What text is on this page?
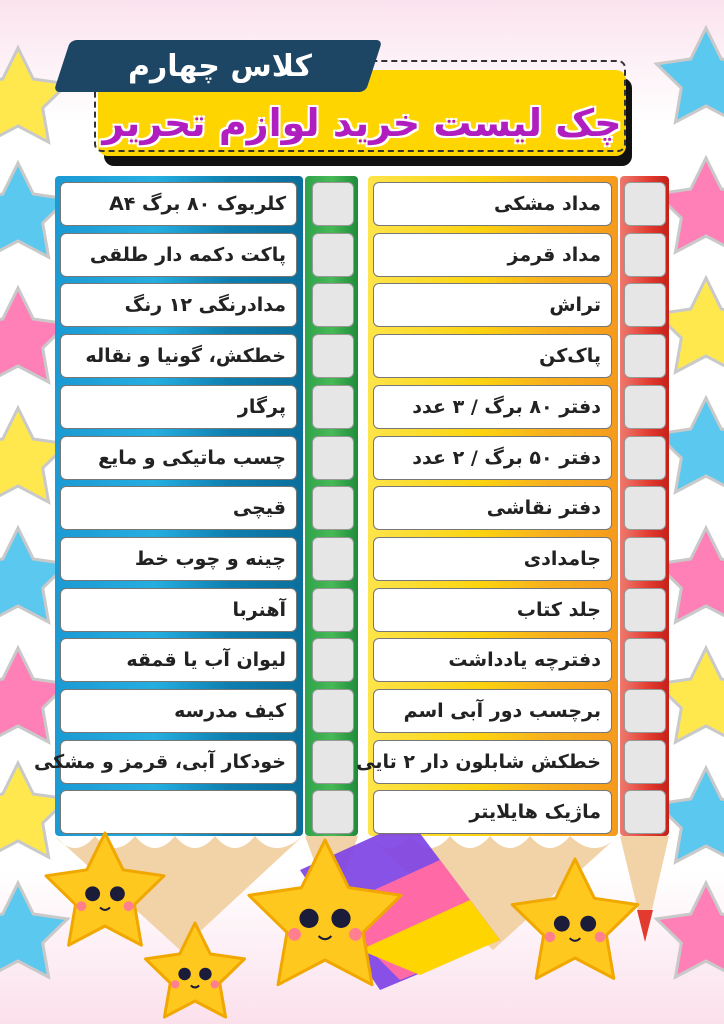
کلاس چهارم
چک لیست خرید لوازم تحریر
کلربوک ۸۰ برگ A۴
پاکت دکمه دار طلقی
مدادرنگی ۱۲ رنگ
خطکش، گونیا و نقاله
پرگار
چسب ماتیکی و مایع
قیچی
چینه و چوب خط
آهنربا
لیوان آب یا قمقه
کیف مدرسه
خودکار آبی، قرمز و مشکی
مداد مشکی
مداد قرمز
تراش
پاک‌کن
دفتر ۸۰ برگ / ۳ عدد
دفتر ۵۰ برگ / ۲ عدد
دفتر نقاشی
جامدادی
جلد کتاب
دفترچه یادداشت
برچسب دور آبی اسم
خطکش شابلون دار ۲ تایی
ماژیک هایلایتر
